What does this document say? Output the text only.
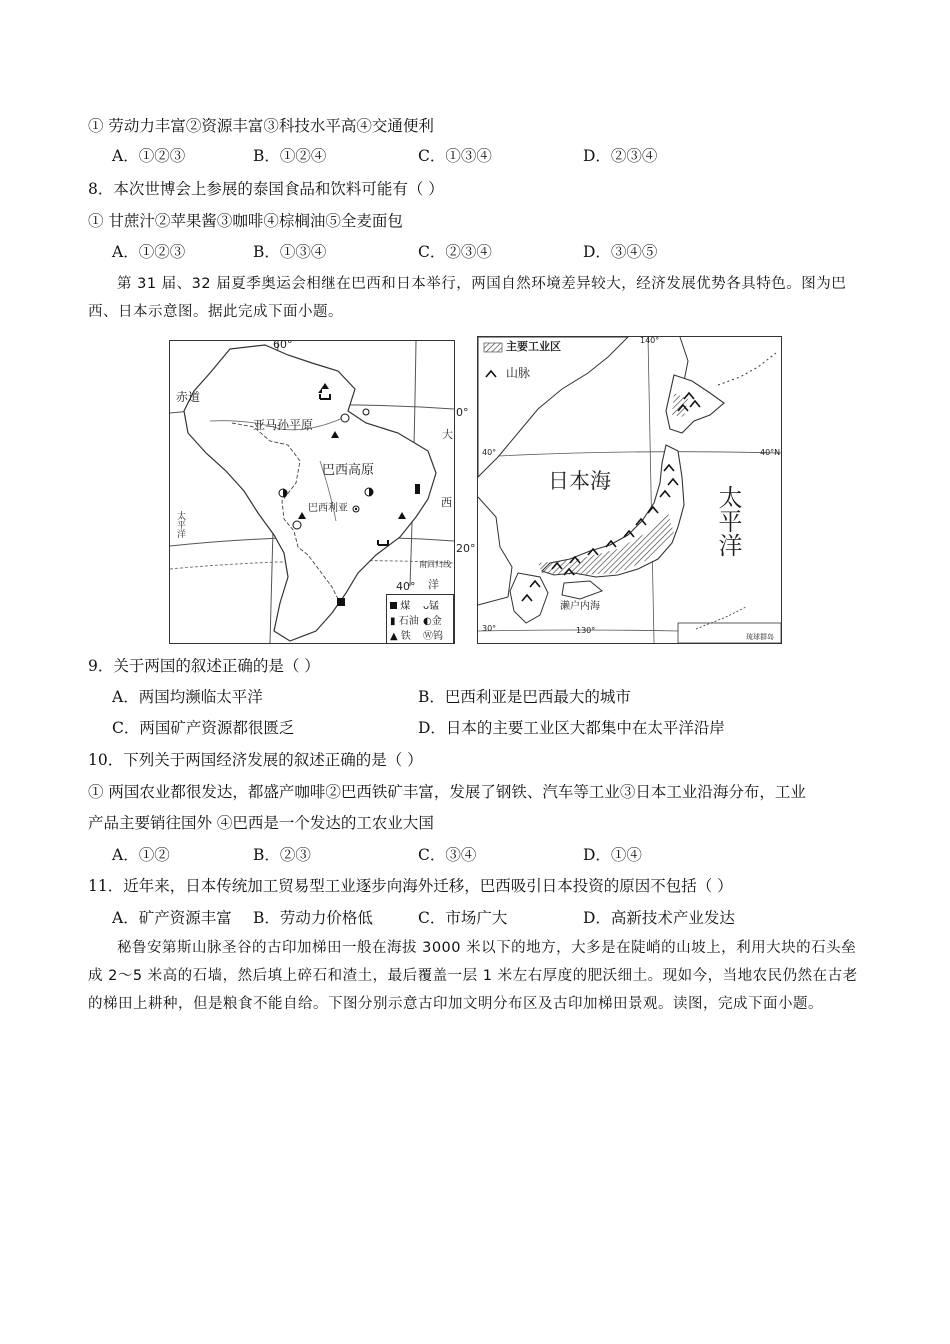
① 劳动力丰富②资源丰富③科技水平高④交通便利
A．①②③	B．①②④	C．①③④	D．②③④
8．本次世博会上参展的泰国食品和饮料可能有（ ）
① 甘蔗汁②苹果酱③咖啡④棕榈油⑤全麦面包
A．①②③	B．①③④	C．②③④	D．③④⑤
第 31 届、32 届夏季奥运会相继在巴西和日本举行，两国自然环境差异较大，经济发展优势各具特色。图为巴西、日本示意图。据此完成下面小题。
60°
赤道
0°
亚马孙平原
巴西高原
巴西利亚
大
西
洋
20°
南回归线
40°
太平洋
煤 ᴗ锰
▮ 石油 ◐金
▲ 铁 Ⓦ钨
主要工业区
山脉
140°
40°	40°N
日本海
太平洋
濑户内海
30°	130°
琉球群岛
9．关于两国的叙述正确的是（ ）
A．两国均濒临太平洋	B．巴西利亚是巴西最大的城市
C．两国矿产资源都很匮乏	D．日本的主要工业区大都集中在太平洋沿岸
10．下列关于两国经济发展的叙述正确的是（ ）
① 两国农业都很发达，都盛产咖啡②巴西铁矿丰富，发展了钢铁、汽车等工业③日本工业沿海分布，工业
产品主要销往国外 ④巴西是一个发达的工农业大国
A．①②	B．②③	C．③④	D．①④
11．近年来，日本传统加工贸易型工业逐步向海外迁移，巴西吸引日本投资的原因不包括（ ）
A．矿产资源丰富 B．劳动力价格低	C．市场广大	D．高新技术产业发达
秘鲁安第斯山脉圣谷的古印加梯田一般在海拔 3000 米以下的地方，大多是在陡峭的山坡上，利用大块的石头垒成 2～5 米高的石墙，然后填上碎石和渣土，最后覆盖一层 1 米左右厚度的肥沃细土。现如今，当地农民仍然在古老的梯田上耕种，但是粮食不能自给。下图分别示意古印加文明分布区及古印加梯田景观。读图，完成下面小题。
